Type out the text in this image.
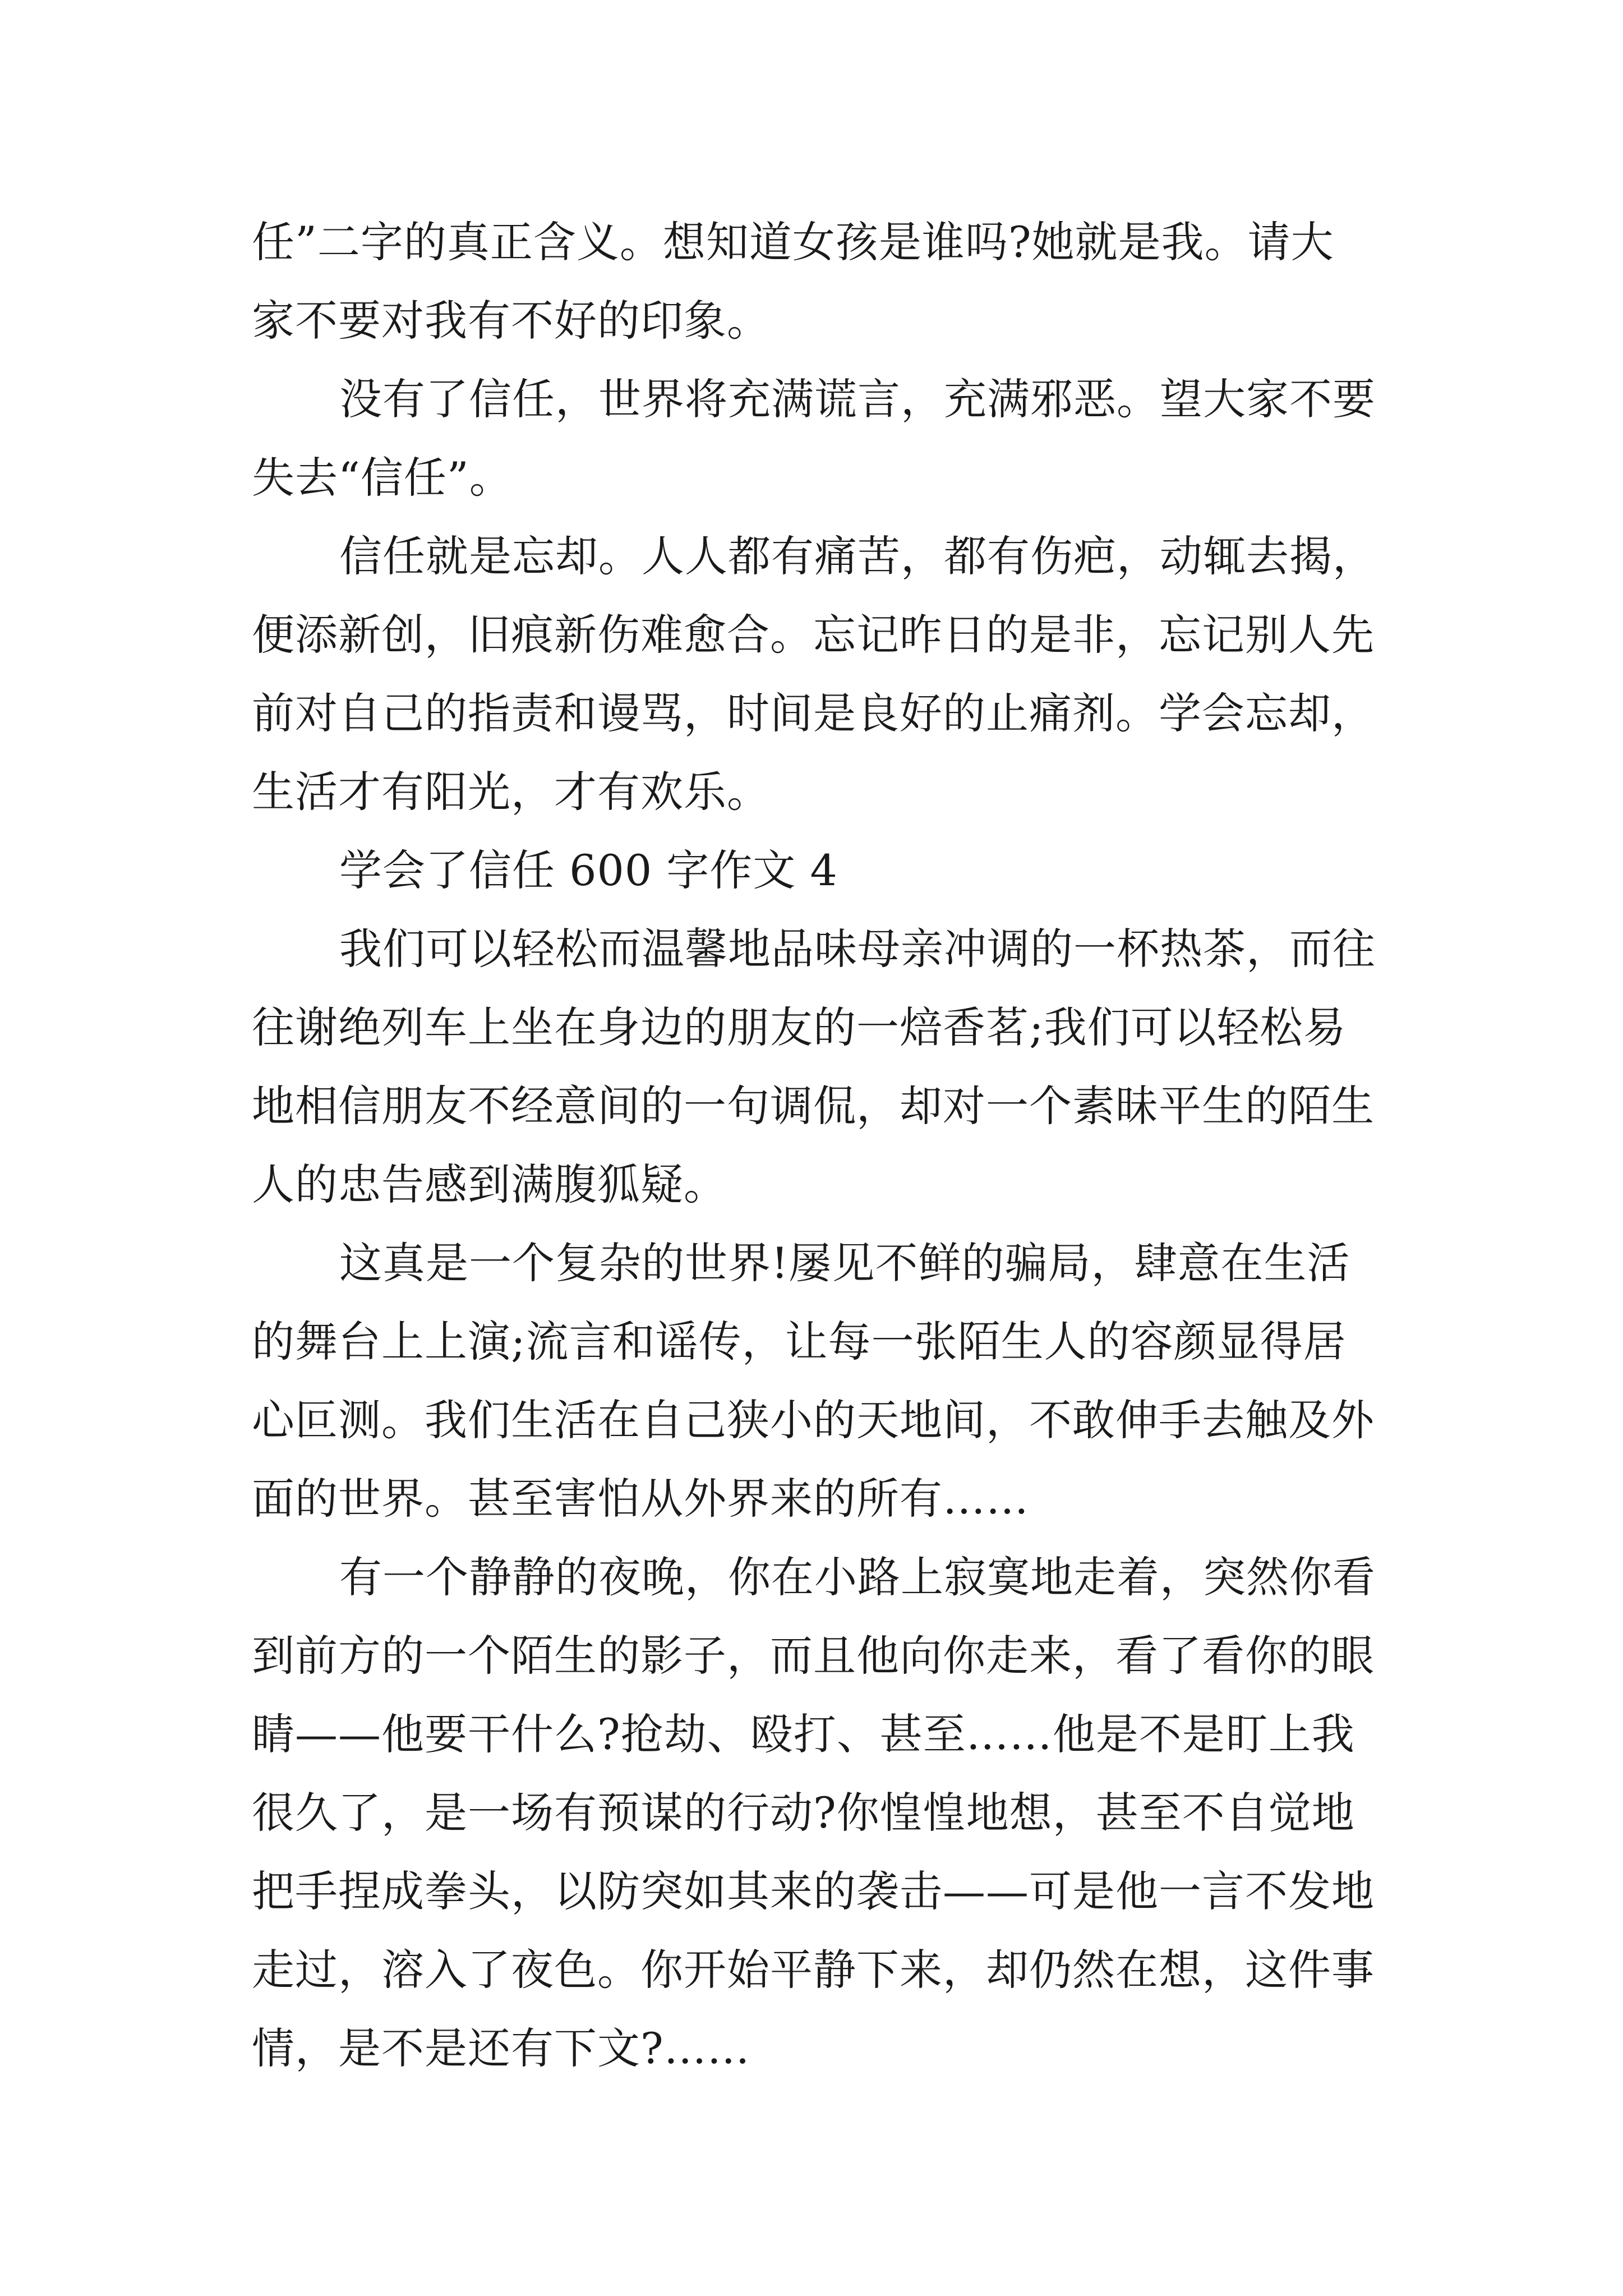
任”二字的真正含义。想知道女孩是谁吗?她就是我。请大
家不要对我有不好的印象。
没有了信任，世界将充满谎言，充满邪恶。望大家不要
失去“信任”。
信任就是忘却。人人都有痛苦，都有伤疤，动辄去揭，
便添新创，旧痕新伤难愈合。忘记昨日的是非，忘记别人先
前对自己的指责和谩骂，时间是良好的止痛剂。学会忘却，
生活才有阳光，才有欢乐。
学会了信任 600 字作文 4
我们可以轻松而温馨地品味母亲冲调的一杯热茶，而往
往谢绝列车上坐在身边的朋友的一焙香茗;我们可以轻松易
地相信朋友不经意间的一句调侃，却对一个素昧平生的陌生
人的忠告感到满腹狐疑。
这真是一个复杂的世界!屡见不鲜的骗局，肆意在生活
的舞台上上演;流言和谣传，让每一张陌生人的容颜显得居
心叵测。我们生活在自己狭小的天地间，不敢伸手去触及外
面的世界。甚至害怕从外界来的所有……
有一个静静的夜晚，你在小路上寂寞地走着，突然你看
到前方的一个陌生的影子，而且他向你走来，看了看你的眼
睛——他要干什么?抢劫、殴打、甚至……他是不是盯上我
很久了，是一场有预谋的行动?你惶惶地想，甚至不自觉地
把手捏成拳头，以防突如其来的袭击——可是他一言不发地
走过，溶入了夜色。你开始平静下来，却仍然在想，这件事
情，是不是还有下文?……
